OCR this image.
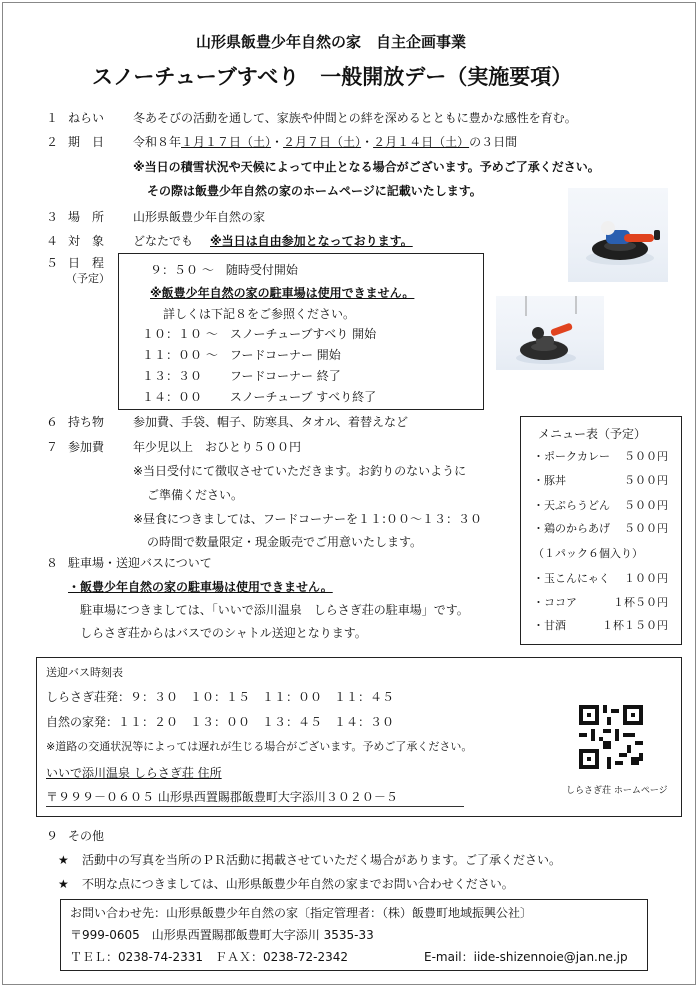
山形県飯豊少年自然の家　自主企画事業
スノーチューブすべり　一般開放デー（実施要項）
１ ねらい 冬あそびの活動を通して、家族や仲間との絆を深めるとともに豊かな感性を育む。
２ 期　日 令和８年１月１７日（土）・２月７日（土）・２月１４日（土）の３日間
※当日の積雪状況や天候によって中止となる場合がございます。予めご了承ください。
その際は飯豊少年自然の家のホームページに記載いたします。
３ 場　所 山形県飯豊少年自然の家
４ 対　象 どなたでも ※当日は自由参加となっております。
５ 日　程
（予定）
９：５０ ～　随時受付開始
※飯豊少年自然の家の駐車場は使用できません。
詳しくは下記８をご参照ください。
１０：１０ ～　スノーチューブすべり 開始
１１：００ ～　フードコーナー 開始
１３：３０　　 フードコーナー 終了
１４：００　　 スノーチューブ すべり終了
６ 持ち物 参加費、手袋、帽子、防寒具、タオル、着替えなど
７ 参加費 年少児以上　おひとり５００円
※当日受付にて徴収させていただきます。お釣りのないように
ご準備ください。
※昼食につきましては、フードコーナーを１１:００～１３：３０
の時間で数量限定・現金販売でご用意いたします。
メニュー表（予定）
・ポークカレー ５００円
・豚丼	５００円
・天ぷらうどん ５００円
・鶏のからあげ ５００円
（１パック６個入り）
・玉こんにゃく １００円
・ココア	１杯５０円
・甘酒	１杯１５０円
８ 駐車場・送迎バスについて
・飯豊少年自然の家の駐車場は使用できません。
駐車場につきましては、「いいで添川温泉　しらさぎ荘の駐車場」です。
しらさぎ荘からはバスでのシャトル送迎となります。
送迎バス時刻表
しらさぎ荘発：９：３０　１０：１５　１１：００　１１：４５
自然の家発：１１：２０　１３：００　１３：４５　１４：３０
※道路の交通状況等によっては遅れが生じる場合がございます。予めご了承ください。
いいで添川温泉 しらさぎ荘 住所
〒９９９－０６０５ 山形県西置賜郡飯豊町大字添川３０２０－５	しらさぎ荘 ホームページ
９ その他
★ 活動中の写真を当所のＰＲ活動に掲載させていただく場合があります。ご了承ください。
★ 不明な点につきましては、山形県飯豊少年自然の家までお問い合わせください。
お問い合わせ先：山形県飯豊少年自然の家〔指定管理者：（株）飯豊町地域振興公社〕
〒999-0605　山形県西置賜郡飯豊町大字添川 3535-33
ＴＥＬ：0238-74-2331　ＦＡＸ：0238-72-2342	E-mail：iide-shizennoie@jan.ne.jp
